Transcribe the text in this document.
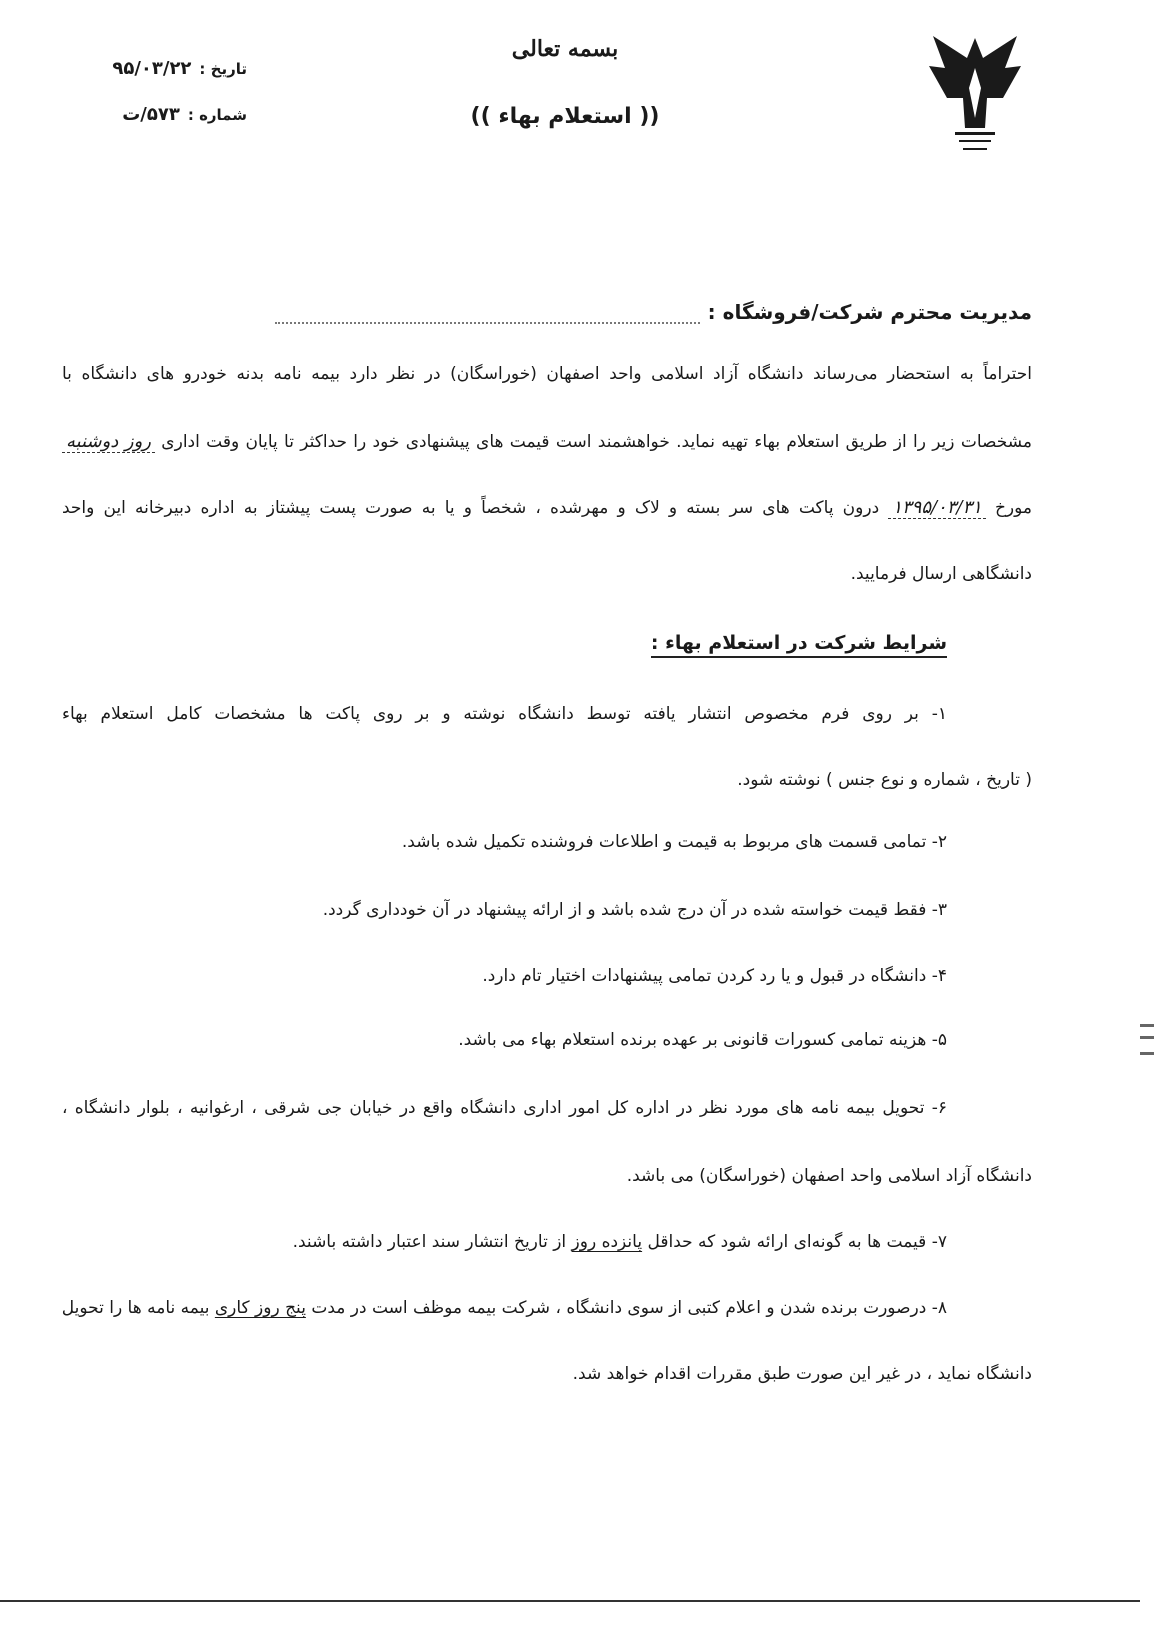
بسمه تعالی
(( استعلام بهاء ))
تاریخ :۹۵/۰۳/۲۲
شماره :۵۷۳/ت
مدیریت محترم شرکت/فروشگاه :
احتراماً به استحضار می‌رساند دانشگاه آزاد اسلامی واحد اصفهان (خوراسگان) در نظر دارد بیمه نامه بدنه خودرو های دانشگاه با
مشخصات زیر را از طریق استعلام بهاء تهیه نماید. خواهشمند است قیمت های پیشنهادی خود را حداکثر تا پایان وقت اداری روز دوشنبه
مورخ ۱۳۹۵/۰۳/۳۱ درون پاکت های سر بسته و لاک و مهرشده ، شخصاً و یا به صورت پست پیشتاز به اداره دبیرخانه این واحد
دانشگاهی ارسال فرمایید.
شرایط شرکت در استعلام بهاء :
۱- بر روی فرم مخصوص انتشار یافته توسط دانشگاه نوشته و بر روی پاکت ها مشخصات کامل استعلام بهاء
( تاریخ ، شماره و نوع جنس ) نوشته شود.
۲- تمامی قسمت های مربوط به قیمت و اطلاعات فروشنده تکمیل شده باشد.
۳- فقط قیمت خواسته شده در آن درج شده باشد و از ارائه پیشنهاد در آن خودداری گردد.
۴- دانشگاه در قبول و یا رد کردن تمامی پیشنهادات اختیار تام دارد.
۵- هزینه تمامی کسورات قانونی بر عهده برنده استعلام بهاء می باشد.
۶- تحویل بیمه نامه های مورد نظر در اداره کل امور اداری دانشگاه واقع در خیابان جی شرقی ، ارغوانیه ، بلوار دانشگاه ،
دانشگاه آزاد اسلامی واحد اصفهان (خوراسگان) می باشد.
۷- قیمت ها به گونه‌ای ارائه شود که حداقل پانزده روز از تاریخ انتشار سند اعتبار داشته باشند.
۸- درصورت برنده شدن و اعلام کتبی از سوی دانشگاه ، شرکت بیمه موظف است در مدت پنج روز کاری بیمه نامه ها را تحویل
دانشگاه نماید ، در غیر این صورت طبق مقررات اقدام خواهد شد.
